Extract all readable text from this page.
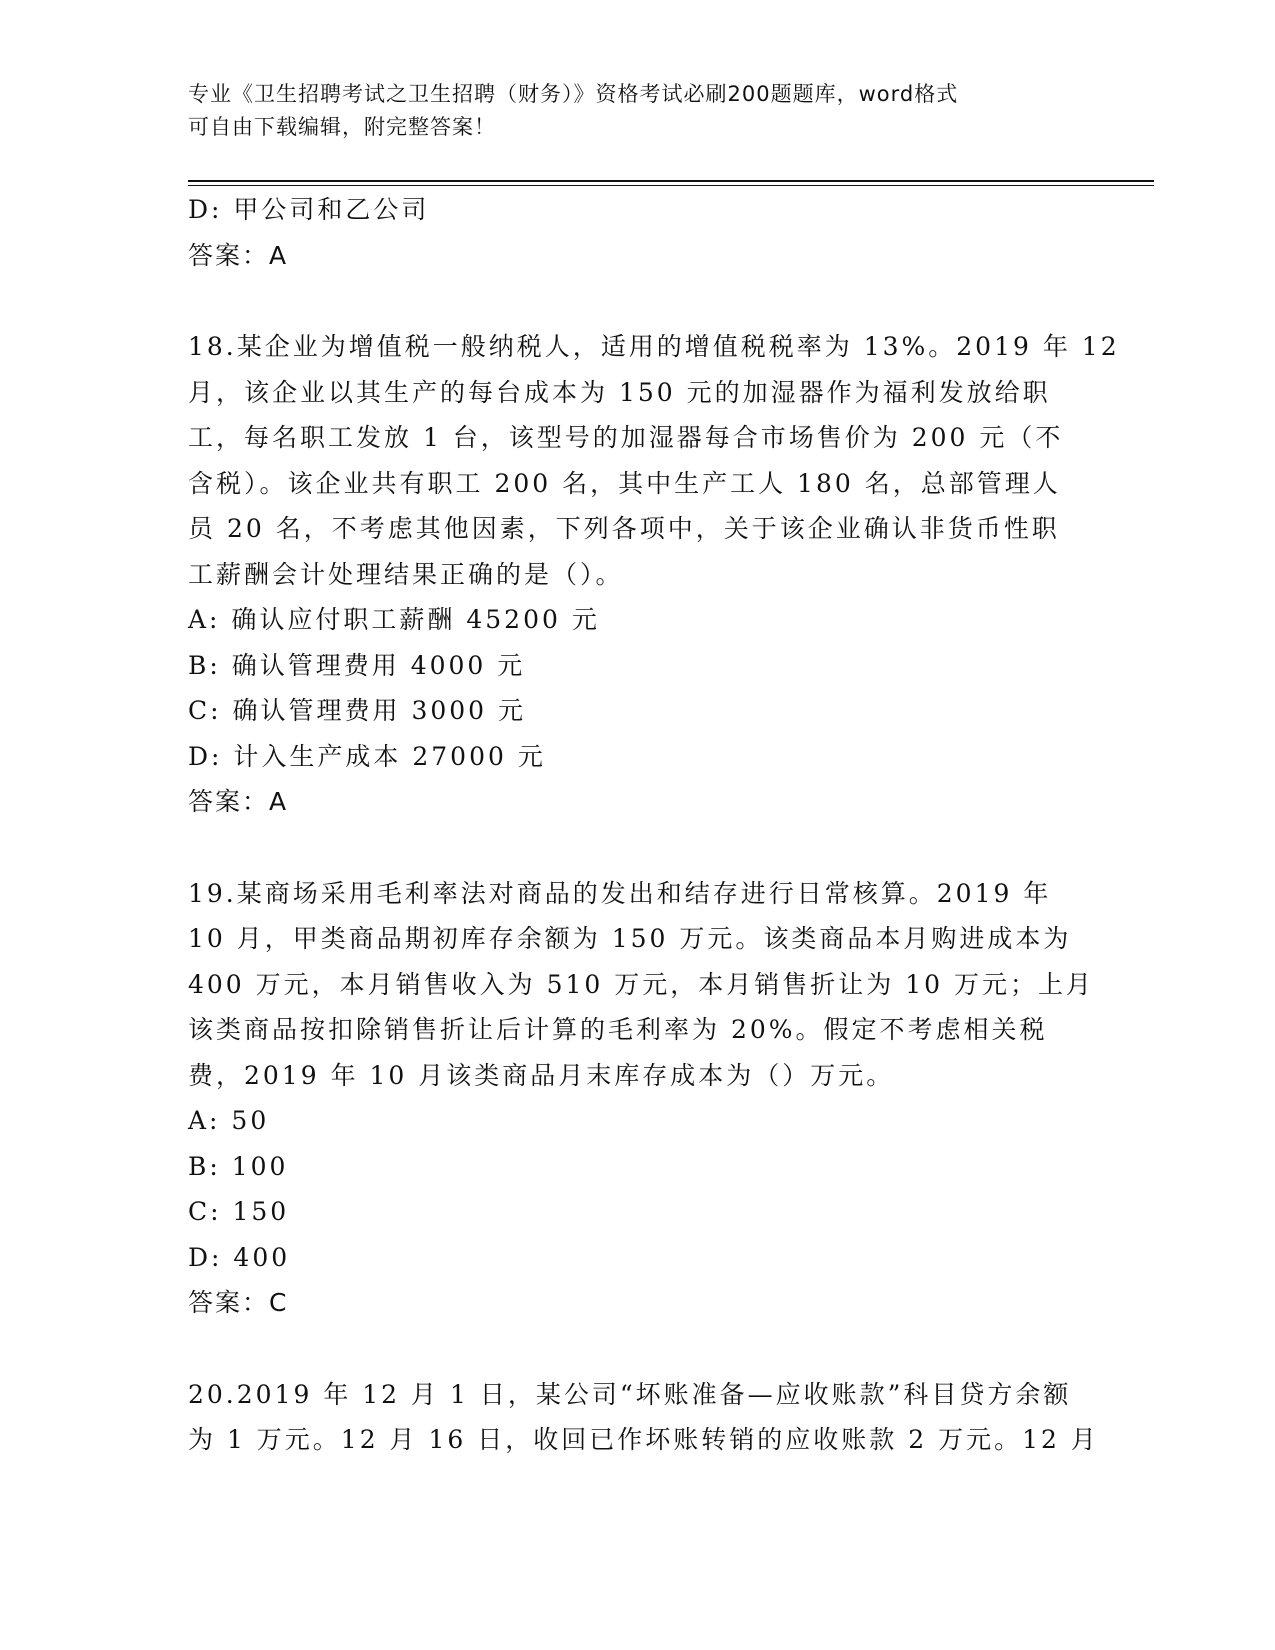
专业《卫生招聘考试之卫生招聘（财务）》资格考试必刷200题题库，word格式
可自由下载编辑，附完整答案！

D: 甲公司和乙公司

答案：A

18.某企业为增值税一般纳税人，适用的增值税税率为 13%。2019 年 12

月，该企业以其生产的每台成本为 150 元的加湿器作为福利发放给职

工，每名职工发放 1 台，该型号的加湿器每合市场售价为 200 元（不

含税）。该企业共有职工 200 名，其中生产工人 180 名，总部管理人

员 20 名，不考虑其他因素，下列各项中，关于该企业确认非货币性职

工薪酬会计处理结果正确的是（）。

A: 确认应付职工薪酬 45200 元

B: 确认管理费用 4000 元

C: 确认管理费用 3000 元

D: 计入生产成本 27000 元

答案：A

19.某商场采用毛利率法对商品的发出和结存进行日常核算。2019 年

10 月，甲类商品期初库存余额为 150 万元。该类商品本月购进成本为

400 万元，本月销售收入为 510 万元，本月销售折让为 10 万元；上月

该类商品按扣除销售折让后计算的毛利率为 20%。假定不考虑相关税

费，2019 年 10 月该类商品月末库存成本为（）万元。

A: 50

B: 100

C: 150

D: 400

答案：C

20.2019 年 12 月 1 日，某公司“坏账准备—应收账款”科目贷方余额

为 1 万元。12 月 16 日，收回已作坏账转销的应收账款 2 万元。12 月
